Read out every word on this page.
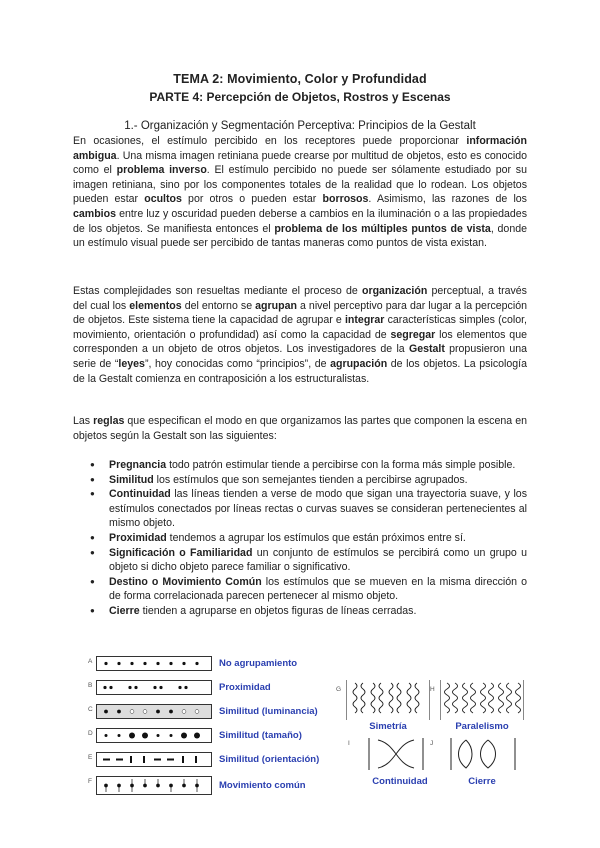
TEMA 2: Movimiento, Color y Profundidad
PARTE 4: Percepción de Objetos, Rostros y Escenas
1.- Organización y Segmentación Perceptiva: Principios de la Gestalt

En ocasiones, el estímulo percibido en los receptores puede proporcionar información ambigua. Una misma imagen retiniana puede crearse por multitud de objetos, esto es conocido como el problema inverso. El estímulo percibido no puede ser sólamente estudiado por su imagen retiniana, sino por los componentes totales de la realidad que lo rodean. Los objetos pueden estar ocultos por otros o pueden estar borrosos. Asimismo, las razones de los cambios entre luz y oscuridad pueden deberse a cambios en la iluminación o a las propiedades de los objetos. Se manifiesta entonces el problema de los múltiples puntos de vista, donde un estímulo visual puede ser percibido de tantas maneras como puntos de vista existan.

Estas complejidades son resueltas mediante el proceso de organización perceptual, a través del cual los elementos del entorno se agrupan a nivel perceptivo para dar lugar a la percepción de objetos. Este sistema tiene la capacidad de agrupar e integrar características simples (color, movimiento, orientación o profundidad) así como la capacidad de segregar los elementos que corresponden a un objeto de otros objetos. Los investigadores de la Gestalt propusieron una serie de “leyes”, hoy conocidas como “principios”, de agrupación de los objetos. La psicología de la Gestalt comienza en contraposición a los estructuralistas.

Las reglas que especifican el modo en que organizamos las partes que componen la escena en objetos según la Gestalt son las siguientes:

● Pregnancia todo patrón estimular tiende a percibirse con la forma más simple posible.
● Similitud los estímulos que son semejantes tienden a percibirse agrupados.
● Continuidad las líneas tienden a verse de modo que sigan una trayectoria suave, y los estímulos conectados por líneas rectas o curvas suaves se consideran pertenecientes al mismo objeto.
● Proximidad tendemos a agrupar los estímulos que están próximos entre sí.
● Significación o Familiaridad un conjunto de estímulos se percibirá como un grupo u objeto si dicho objeto parece familiar o significativo.
● Destino o Movimiento Común los estímulos que se mueven en la misma dirección o de forma correlacionada parecen pertenecer al mismo objeto.
● Cierre tienden a agruparse en objetos figuras de líneas cerradas.
A	No agrupamiento
B	Proximidad
C	Similitud (luminancia)
D	Similitud (tamaño)
E	Similitud (orientación)
F	Movimiento común
G
Simetría
H
Paralelismo
I
Continuidad
J
Cierre
